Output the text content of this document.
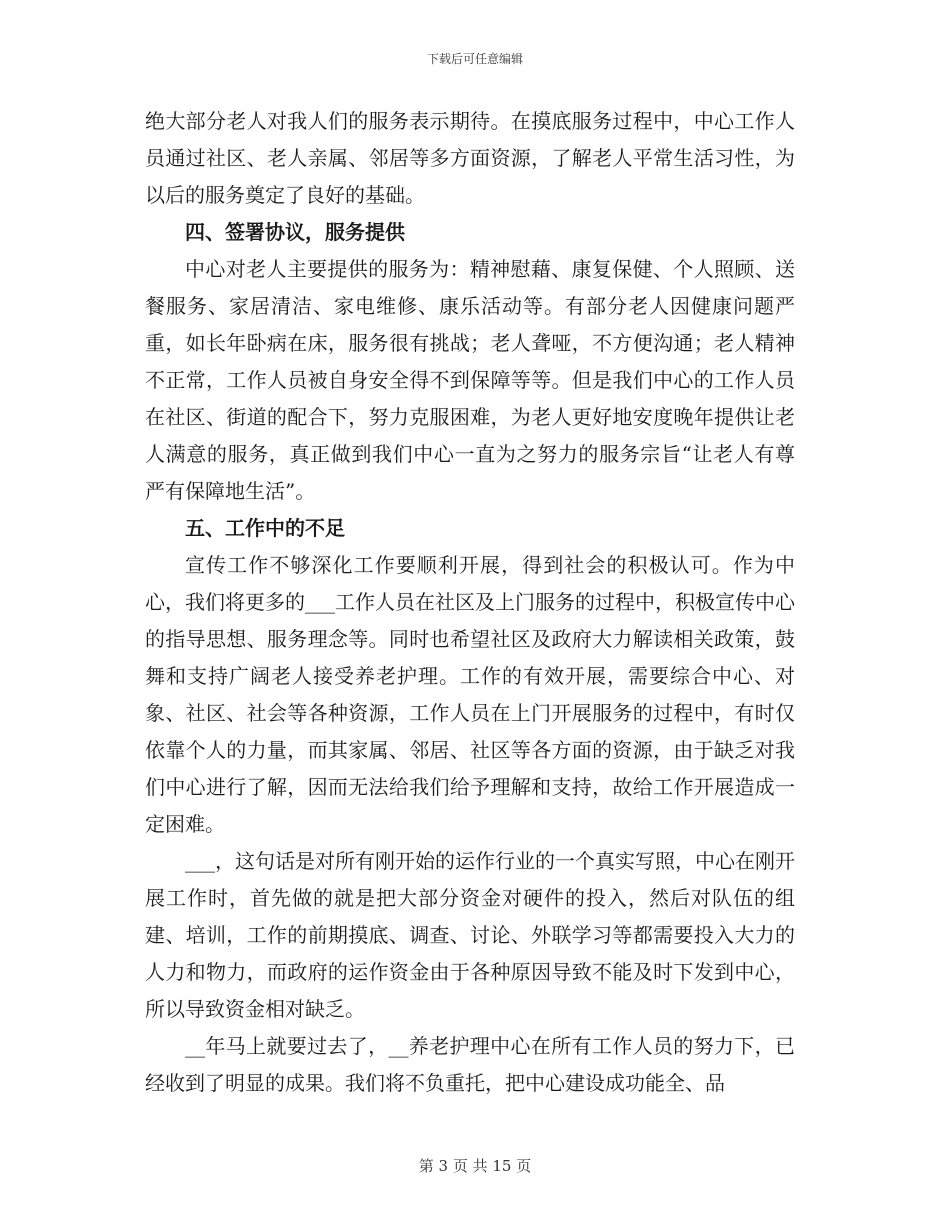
下载后可任意编辑

绝大部分老人对我人们的服务表示期待。在摸底服务过程中，中心工作人员通过社区、老人亲属、邻居等多方面资源，了解老人平常生活习性，为以后的服务奠定了良好的基础。

四、签署协议，服务提供

中心对老人主要提供的服务为：精神慰藉、康复保健、个人照顾、送餐服务、家居清洁、家电维修、康乐活动等。有部分老人因健康问题严重，如长年卧病在床，服务很有挑战；老人聋哑，不方便沟通；老人精神不正常，工作人员被自身安全得不到保障等等。但是我们中心的工作人员在社区、街道的配合下，努力克服困难，为老人更好地安度晚年提供让老人满意的服务，真正做到我们中心一直为之努力的服务宗旨“让老人有尊严有保障地生活”。

五、工作中的不足

宣传工作不够深化工作要顺利开展，得到社会的积极认可。作为中心，我们将更多的___工作人员在社区及上门服务的过程中，积极宣传中心的指导思想、服务理念等。同时也希望社区及政府大力解读相关政策，鼓舞和支持广阔老人接受养老护理。工作的有效开展，需要综合中心、对象、社区、社会等各种资源，工作人员在上门开展服务的过程中，有时仅依靠个人的力量，而其家属、邻居、社区等各方面的资源，由于缺乏对我们中心进行了解，因而无法给我们给予理解和支持，故给工作开展造成一定困难。

___，这句话是对所有刚开始的运作行业的一个真实写照，中心在刚开展工作时，首先做的就是把大部分资金对硬件的投入，然后对队伍的组建、培训，工作的前期摸底、调查、讨论、外联学习等都需要投入大力的人力和物力，而政府的运作资金由于各种原因导致不能及时下发到中心，所以导致资金相对缺乏。

__年马上就要过去了，__养老护理中心在所有工作人员的努力下，已经收到了明显的成果。我们将不负重托，把中心建设成功能全、品

第 3 页 共 15 页
